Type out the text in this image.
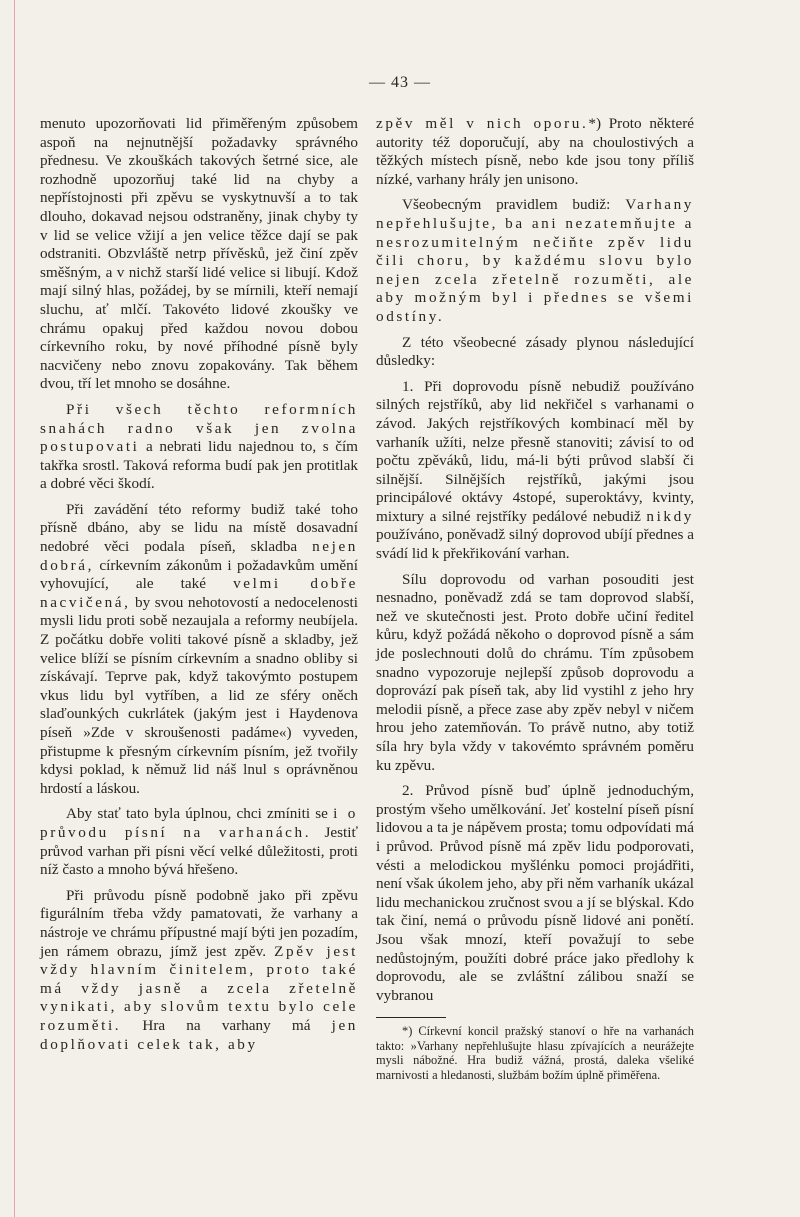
— 43 —

menuto upozorňovati lid přiměřeným způsobem aspoň na nejnutnější požadavky správného přednesu. Ve zkouškách takových šetrné sice, ale rozhodně upozorňuj také lid na chyby a nepřístojnosti při zpěvu se vyskytnuvší a to tak dlouho, dokavad nejsou odstraněny, jinak chyby ty v lid se velice vžijí a jen velice těžce dají se pak odstraniti. Obzvláště netrp přívěsků, jež činí zpěv směšným, a v nichž starší lidé velice si libují. Kdož mají silný hlas, požádej, by se mírnili, kteří nemají sluchu, ať mlčí. Takovéto lidové zkoušky ve chrámu opakuj před každou novou dobou církevního roku, by nové příhodné písně byly nacvičeny nebo znovu zopakovány. Tak během dvou, tří let mnoho se dosáhne.

Při všech těchto reformních snahách radno však jen zvolna postupovati a nebrati lidu najednou to, s čím takřka srostl. Taková reforma budí pak jen protitlak a dobré věci škodí.

Při zavádění této reformy budiž také toho přísně dbáno, aby se lidu na místě dosavadní nedobré věci podala píseň, skladba nejen dobrá, církevním zákonům i požadavkům umění vyhovující, ale také velmi dobře nacvičená, by svou nehotovostí a nedocelenosti mysli lidu proti sobě nezaujala a reformy neubíjela. Z počátku dobře voliti takové písně a skladby, jež velice blíží se písním církevním a snadno obliby si získávají. Teprve pak, když takovýmto postupem vkus lidu byl vytříben, a lid ze sféry oněch slaďounkých cukrlátek (jakým jest i Haydenova píseň »Zde v skroušenosti padáme«) vyveden, přistupme k přesným církevním písním, jež tvořily kdysi poklad, k němuž lid náš lnul s oprávněnou hrdostí a láskou.

Aby stať tato byla úplnou, chci zmíniti se i o průvodu písní na varhanách. Jestiť průvod varhan při písni věcí velké důležitosti, proti níž často a mnoho bývá hřešeno.

Při průvodu písně podobně jako při zpěvu figurálním třeba vždy pamatovati, že varhany a nástroje ve chrámu přípustné mají býti jen pozadím, jen rámem obrazu, jímž jest zpěv. Zpěv jest vždy hlavním činitelem, proto také má vždy jasně a zcela zřetelně vynikati, aby slovům textu bylo cele rozuměti. Hra na varhany má jen doplňovati celek tak, aby

zpěv měl v nich oporu.*) Proto některé autority též doporučují, aby na choulostivých a těžkých místech písně, nebo kde jsou tony příliš nízké, varhany hrály jen unisono.

Všeobecným pravidlem budiž: Varhany nepřehlušujte, ba ani nezatemňujte a nesrozumitelným nečiňte zpěv lidu čili choru, by každému slovu bylo nejen zcela zřetelně rozuměti, ale aby možným byl i přednes se všemi odstíny.

Z této všeobecné zásady plynou následující důsledky:

1. Při doprovodu písně nebudiž používáno silných rejstříků, aby lid nekřičel s varhanami o závod. Jakých rejstříkových kombinací měl by varhaník užíti, nelze přesně stanoviti; závisí to od počtu zpěváků, lidu, má-li býti průvod slabší či silnější. Silnějších rejstříků, jakými jsou principálové oktávy 4stopé, superoktávy, kvinty, mixtury a silné rejstříky pedálové nebudiž nikdy používáno, poněvadž silný doprovod ubíjí přednes a svádí lid k překřikování varhan.

Sílu doprovodu od varhan posouditi jest nesnadno, poněvadž zdá se tam doprovod slabší, než ve skutečnosti jest. Proto dobře učiní ředitel kůru, když požádá někoho o doprovod písně a sám jde poslechnouti dolů do chrámu. Tím způsobem snadno vypozoruje nejlepší způsob doprovodu a doprovází pak píseň tak, aby lid vystihl z jeho hry melodii písně, a přece zase aby zpěv nebyl v ničem hrou jeho zatemňován. To právě nutno, aby totiž síla hry byla vždy v takovémto správném poměru ku zpěvu.

2. Průvod písně buď úplně jednoduchým, prostým všeho umělkování. Jeť kostelní píseň písní lidovou a ta je nápěvem prosta; tomu odpovídati má i průvod. Průvod písně má zpěv lidu podporovati, vésti a melodickou myšlénku pomoci projádřiti, není však úkolem jeho, aby při něm varhaník ukázal lidu mechanickou zručnost svou a jí se blýskal. Kdo tak činí, nemá o průvodu písně lidové ani ponětí. Jsou však mnozí, kteří považují to sebe nedůstojným, použíti dobré práce jako předlohy k doprovodu, ale se zvláštní zálibou snaží se vybranou

*) Církevní koncil pražský stanoví o hře na varhanách takto: »Varhany nepřehlušujte hlasu zpívajících a neurážejte mysli nábožné. Hra budiž vážná, prostá, daleka všeliké marnivosti a hledanosti, službám božím úplně přiměřena.
